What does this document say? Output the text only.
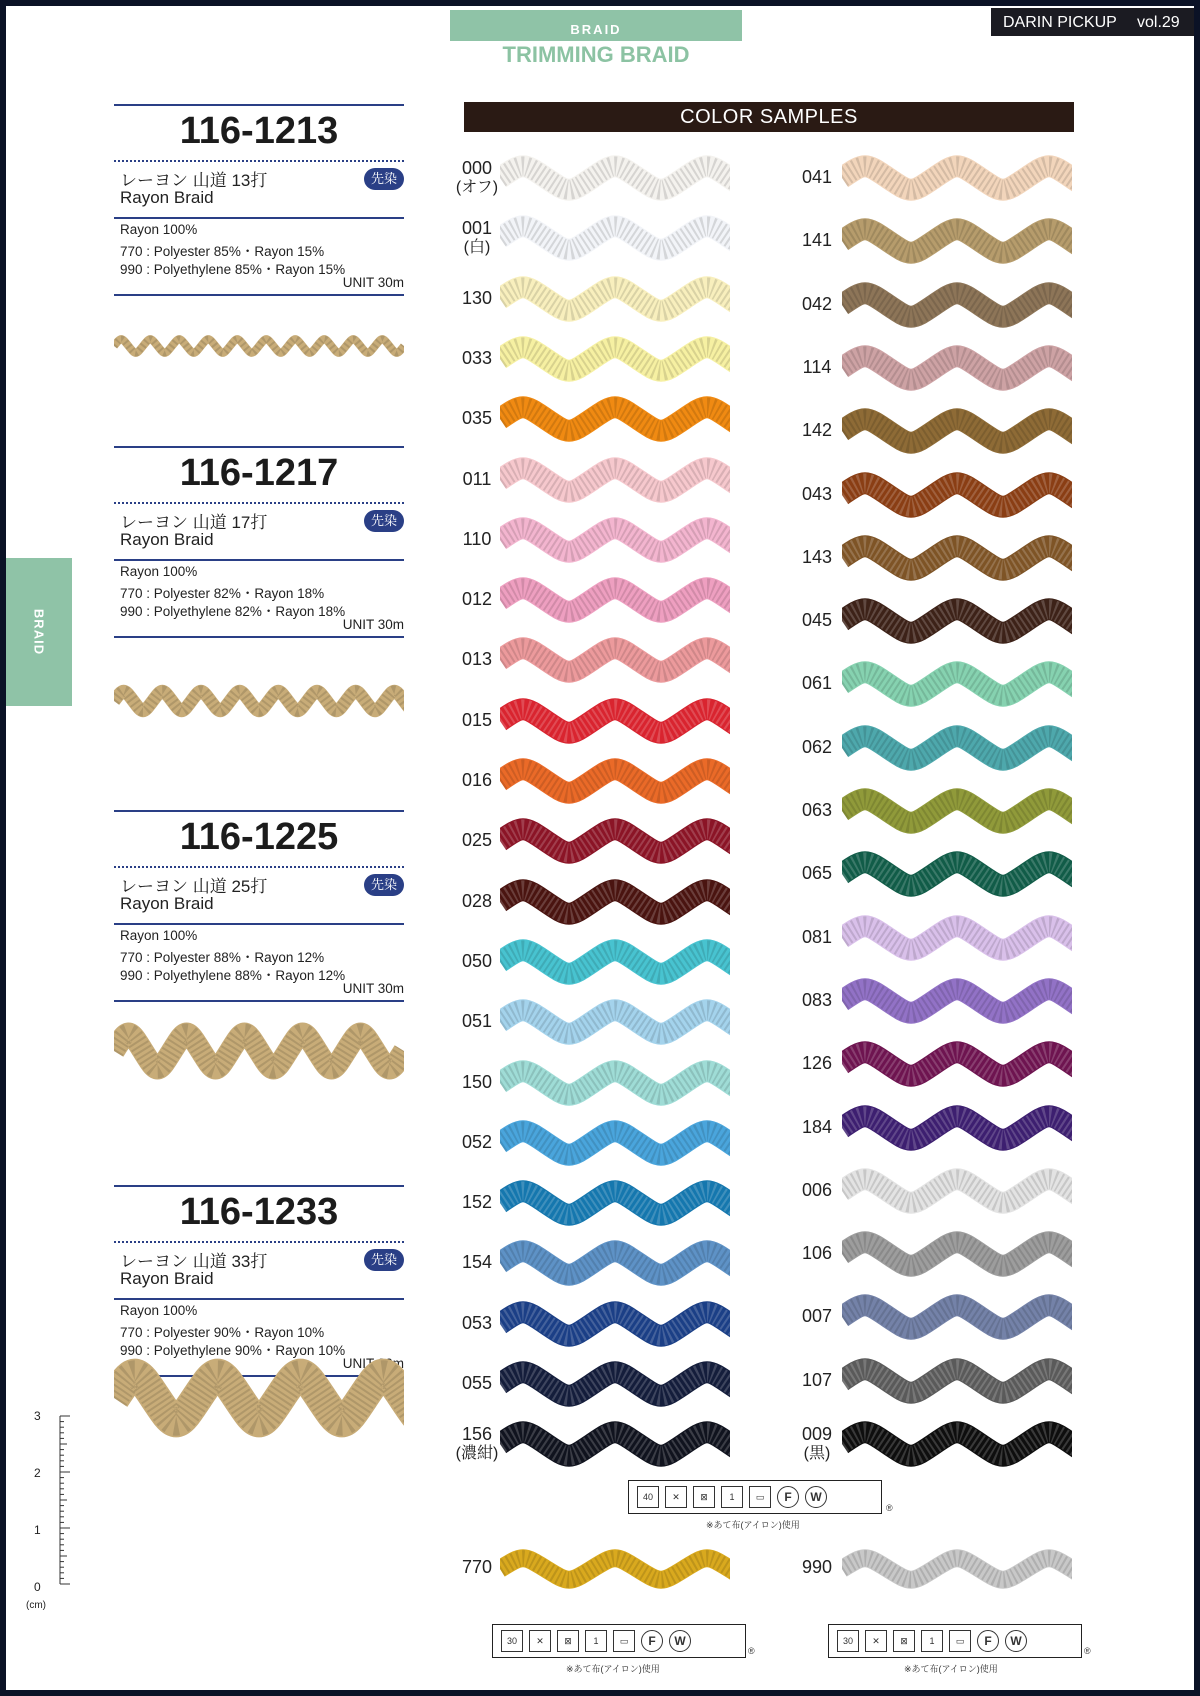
BRAID
TRIMMING BRAID
DARIN PICKUP vol.29
BRAID
116-1213
レーヨン 山道 13打	先染
Rayon Braid
Rayon 100%
770 : Polyester 85%・Rayon 15%
990 : Polyethylene 85%・Rayon 15%
UNIT 30m
116-1217
レーヨン 山道 17打	先染
Rayon Braid
Rayon 100%
770 : Polyester 82%・Rayon 18%
990 : Polyethylene 82%・Rayon 18%
UNIT 30m
116-1225
レーヨン 山道 25打	先染
Rayon Braid
Rayon 100%
770 : Polyester 88%・Rayon 12%
990 : Polyethylene 88%・Rayon 12%
UNIT 30m
116-1233
レーヨン 山道 33打	先染
Rayon Braid
Rayon 100%
770 : Polyester 90%・Rayon 10%
990 : Polyethylene 90%・Rayon 10%
UNIT 30m
3
2
1
0
(cm)
COLOR SAMPLES
000
(オフ)
001
(白)
130
033
035
011
110
012
013
015
016
025
028
050
051
150
052
152
154
053
055
156
(濃紺)
041
141
042
114
142
043
143
045
061
062
063
065
081
083
126
184
006
106
007
107
009
(黒)
40	✕	⊠	1	▭	F	W
®
※あて布(アイロン)使用
770	990
30	✕	⊠	1	▭	F	W
®
※あて布(アイロン)使用
30	✕	⊠	1	▭	F	W
®
※あて布(アイロン)使用
